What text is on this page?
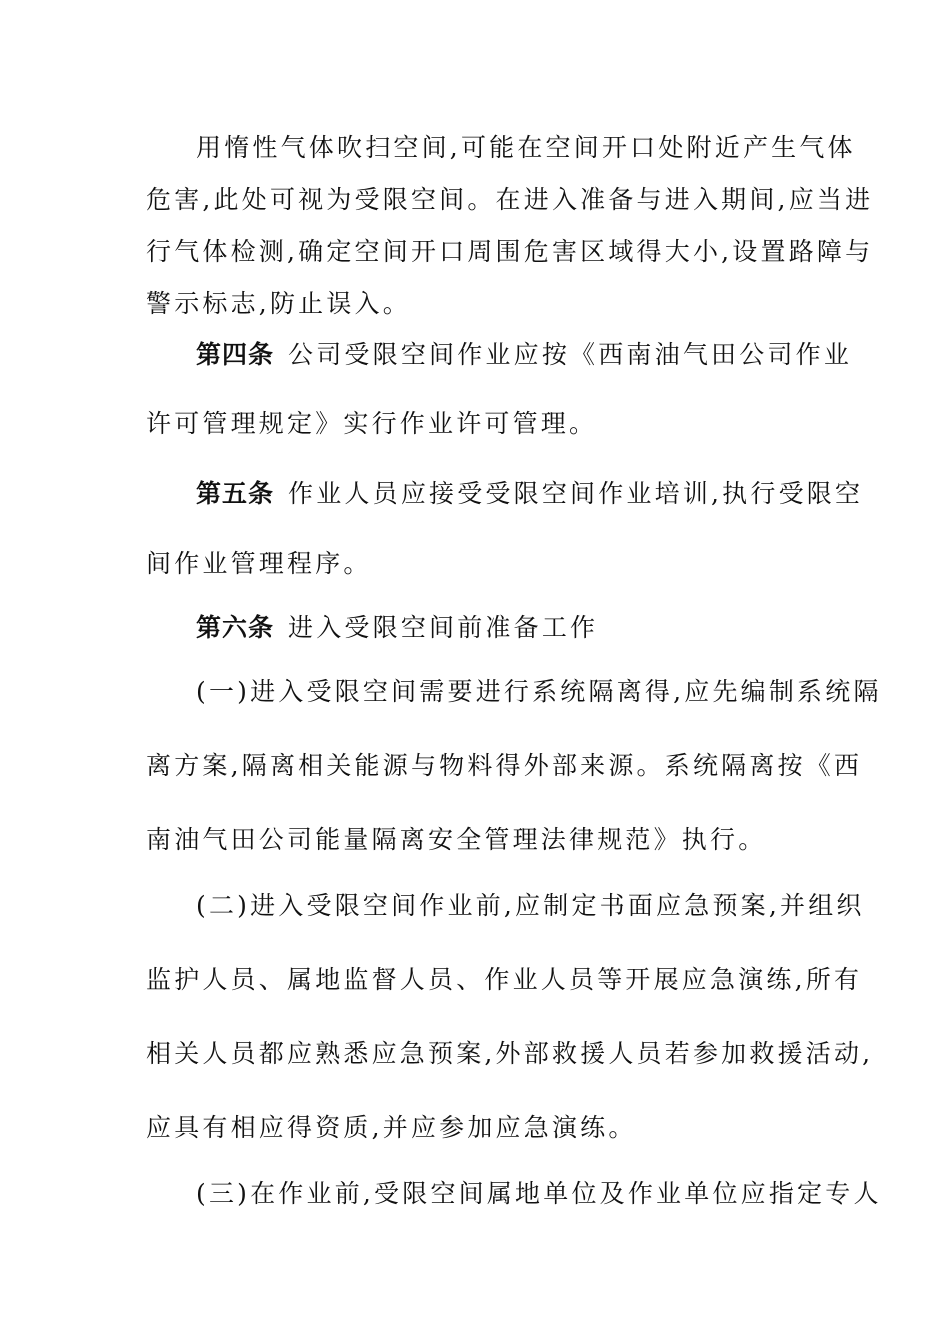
用惰性气体吹扫空间,可能在空间开口处附近产生气体
危害,此处可视为受限空间。在进入准备与进入期间,应当进
行气体检测,确定空间开口周围危害区域得大小,设置路障与
警示标志,防止误入。
第四条 公司受限空间作业应按《西南油气田公司作业
许可管理规定》实行作业许可管理。
第五条 作业人员应接受受限空间作业培训,执行受限空
间作业管理程序。
第六条 进入受限空间前准备工作
(一)进入受限空间需要进行系统隔离得,应先编制系统隔
离方案,隔离相关能源与物料得外部来源。系统隔离按《西
南油气田公司能量隔离安全管理法律规范》执行。
(二)进入受限空间作业前,应制定书面应急预案,并组织
监护人员、属地监督人员、作业人员等开展应急演练,所有
相关人员都应熟悉应急预案,外部救援人员若参加救援活动,
应具有相应得资质,并应参加应急演练。
(三)在作业前,受限空间属地单位及作业单位应指定专人
